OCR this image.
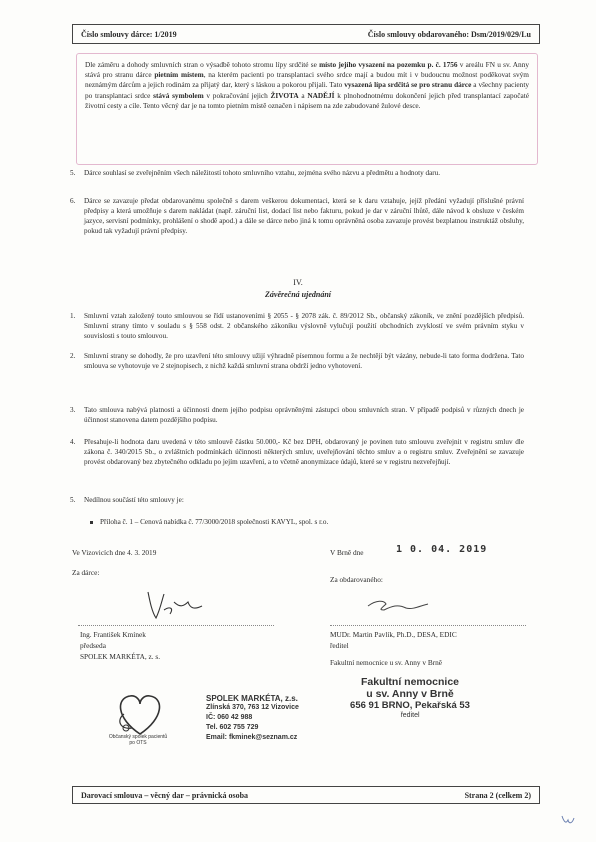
Číslo smlouvy dárce: 1/2019	Číslo smlouvy obdarovaného: Dsm/2019/029/Lu
Dle záměru a dohody smluvních stran o výsadbě tohoto stromu lípy srdčité se místo jejího vysazení na pozemku p. č. 1756 v areálu FN u sv. Anny stává pro stranu dárce pietním místem, na kterém pacienti po transplantaci svého srdce mají a budou mít i v budoucnu možnost poděkovat svým neznámým dárcům a jejich rodinám za přijatý dar, který s láskou a pokorou přijali. Tato vysazená lípa srdčitá se pro stranu dárce a všechny pacienty po transplantaci srdce stává symbolem v pokračování jejich ŽIVOTA a NADĚJÍ k plnohodnotnému dokončení jejich před transplantací započaté životní cesty a cíle. Tento věcný dar je na tomto pietním místě označen i nápisem na zde zabudované žulové desce.
5. Dárce souhlasí se zveřejněním všech náležitostí tohoto smluvního vztahu, zejména svého názvu a předmětu a hodnoty daru.
6. Dárce se zavazuje předat obdarovanému společně s darem veškerou dokumentaci, která se k daru vztahuje, jejíž předání vyžadují příslušné právní předpisy a která umožňuje s darem nakládat (např. záruční list, dodací list nebo fakturu, pokud je dar v záruční lhůtě, dále návod k obsluze v českém jazyce, servisní podmínky, prohlášení o shodě apod.) a dále se dárce nebo jiná k tomu oprávněná osoba zavazuje provést bezplatnou instruktáž obsluhy, pokud tak vyžadují právní předpisy.
IV.
Závěrečná ujednání
1. Smluvní vztah založený touto smlouvou se řídí ustanoveními § 2055 - § 2078 zák. č. 89/2012 Sb., občanský zákoník, ve znění pozdějších předpisů. Smluvní strany tímto v souladu s § 558 odst. 2 občanského zákoníku výslovně vylučují použití obchodních zvyklostí ve svém právním styku v souvislosti s touto smlouvou.
2. Smluvní strany se dohodly, že pro uzavření této smlouvy užijí výhradně písemnou formu a že nechtějí být vázány, nebude-li tato forma dodržena. Tato smlouva se vyhotovuje ve 2 stejnopisech, z nichž každá smluvní strana obdrží jedno vyhotovení.
3. Tato smlouva nabývá platnosti a účinnosti dnem jejího podpisu oprávněnými zástupci obou smluvních stran. V případě podpisů v různých dnech je účinnost stanovena datem pozdějšího podpisu.
4. Přesahuje-li hodnota daru uvedená v této smlouvě částku 50.000,- Kč bez DPH, obdarovaný je povinen tuto smlouvu zveřejnit v registru smluv dle zákona č. 340/2015 Sb., o zvláštních podmínkách účinnosti některých smluv, uveřejňování těchto smluv a o registru smluv. Zveřejnění se zavazuje provést obdarovaný bez zbytečného odkladu po jejím uzavření, a to včetně anonymizace údajů, které se v registru nezveřejňují.
5. Nedílnou součástí této smlouvy je:
Příloha č. 1 – Cenová nabídka č. 77/3000/2018 společnosti KAVYL, spol. s r.o.
Ve Vizovicích dne 4. 3. 2019	V Brně dne	1 0. 04. 2019
Za dárce:
Za obdarovaného:
Ing. František Kmínek
předseda
SPOLEK MARKÉTA, z. s.
MUDr. Martin Pavlík, Ph.D., DESA, EDIC
ředitel
Fakultní nemocnice u sv. Anny v Brně
Občanský spolek pacientů po OTS
SPOLEK MARKÉTA, z.s.
Zlínská 370, 763 12 Vizovice
IČ: 060 42 988
Tel. 602 755 729
Email: fkminek@seznam.cz
Fakultní nemocnice
u sv. Anny v Brně
656 91 BRNO, Pekařská 53
ředitel
Darovací smlouva – věcný dar – právnická osoba	Strana 2 (celkem 2)
